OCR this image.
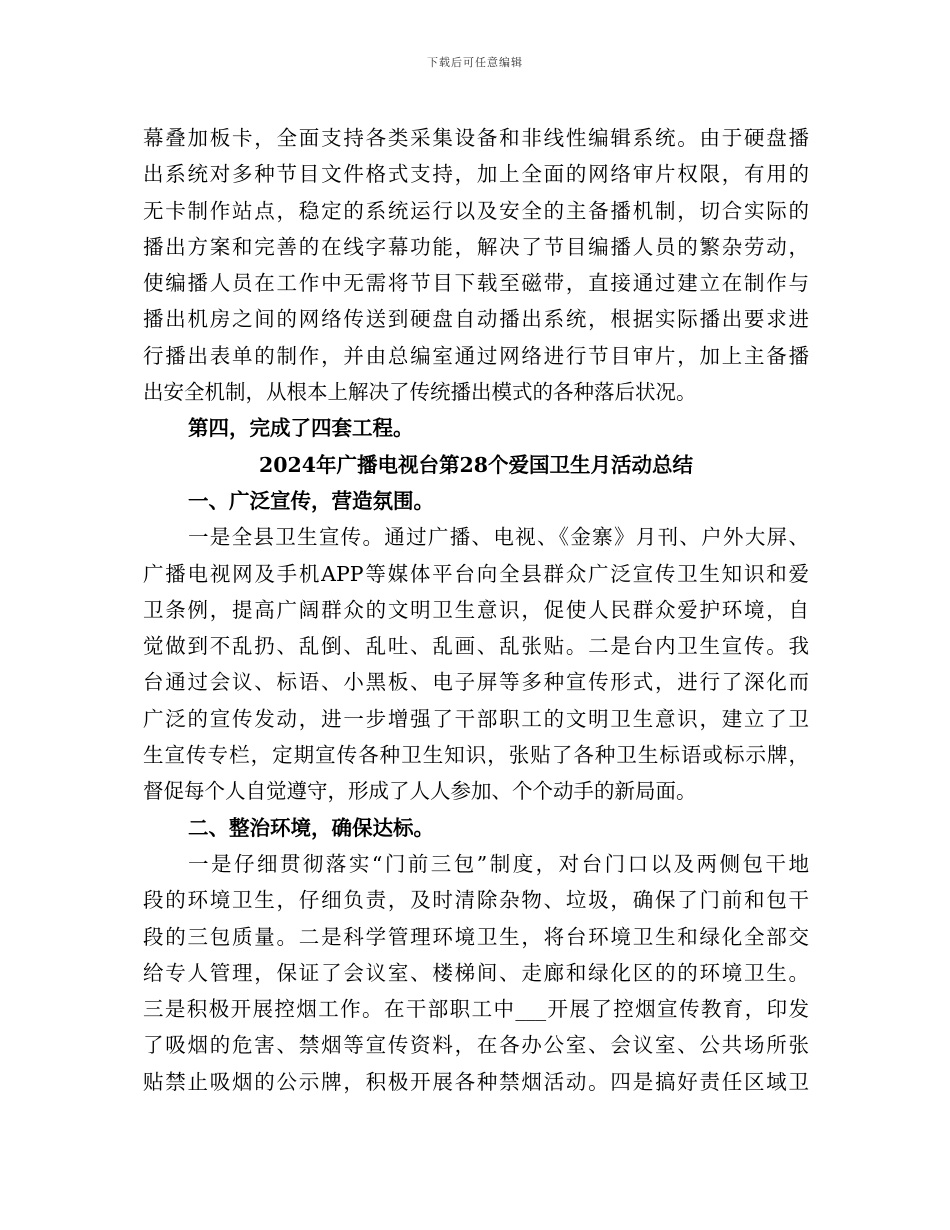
下载后可任意编辑
幕叠加板卡，全面支持各类采集设备和非线性编辑系统。由于硬盘播
出系统对多种节目文件格式支持，加上全面的网络审片权限，有用的
无卡制作站点，稳定的系统运行以及安全的主备播机制，切合实际的
播出方案和完善的在线字幕功能，解决了节目编播人员的繁杂劳动，
使编播人员在工作中无需将节目下载至磁带，直接通过建立在制作与
播出机房之间的网络传送到硬盘自动播出系统，根据实际播出要求进
行播出表单的制作，并由总编室通过网络进行节目审片，加上主备播
出安全机制，从根本上解决了传统播出模式的各种落后状况。
第四，完成了四套工程。
2024年广播电视台第28个爱国卫生月活动总结
一、广泛宣传，营造氛围。
一是全县卫生宣传。通过广播、电视、《金寨》月刊、户外大屏、
广播电视网及手机APP等媒体平台向全县群众广泛宣传卫生知识和爱
卫条例，提高广阔群众的文明卫生意识，促使人民群众爱护环境，自
觉做到不乱扔、乱倒、乱吐、乱画、乱张贴。二是台内卫生宣传。我
台通过会议、标语、小黑板、电子屏等多种宣传形式，进行了深化而
广泛的宣传发动，进一步增强了干部职工的文明卫生意识，建立了卫
生宣传专栏，定期宣传各种卫生知识，张贴了各种卫生标语或标示牌，
督促每个人自觉遵守，形成了人人参加、个个动手的新局面。
二、整治环境，确保达标。
一是仔细贯彻落实“门前三包”制度，对台门口以及两侧包干地
段的环境卫生，仔细负责，及时清除杂物、垃圾，确保了门前和包干
段的三包质量。二是科学管理环境卫生，将台环境卫生和绿化全部交
给专人管理，保证了会议室、楼梯间、走廊和绿化区的的环境卫生。
三是积极开展控烟工作。在干部职工中___开展了控烟宣传教育，印发
了吸烟的危害、禁烟等宣传资料，在各办公室、会议室、公共场所张
贴禁止吸烟的公示牌，积极开展各种禁烟活动。四是搞好责任区域卫
